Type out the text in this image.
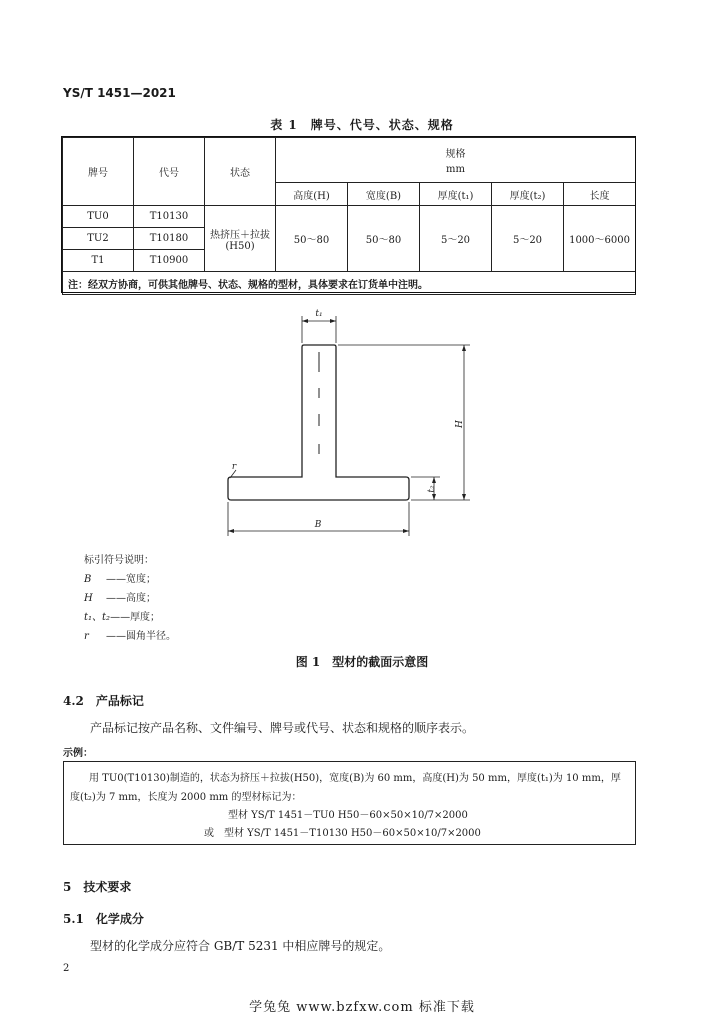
YS/T 1451—2021
表 1　牌号、代号、状态、规格
牌号	代号	状态	规格
mm				

			高度(H)	宽度(B)	厚度(t₁)	厚度(t₂)	长度
TU0	T10130	热挤压＋拉拔(H50)	50～80	50～80	5～20	5～20	1000～6000
TU2	T10180						
T1	T10900						
注：经双方协商，可供其他牌号、状态、规格的型材，具体要求在订货单中注明。							
t₁
H
t₂
B
r
标引符号说明：
B ——宽度；
H ——高度；
t₁、t₂——厚度；
r ——圆角半径。
图 1　型材的截面示意图
4.2　产品标记
产品标记按产品名称、文件编号、牌号或代号、状态和规格的顺序表示。
示例：
用 TU0(T10130)制造的，状态为挤压＋拉拔(H50)，宽度(B)为 60 mm，高度(H)为 50 mm，厚度(t₁)为 10 mm，厚
度(t₂)为 7 mm，长度为 2000 mm 的型材标记为：
型材 YS/T 1451－TU0 H50－60×50×10/7×2000
或　型材 YS/T 1451－T10130 H50－60×50×10/7×2000
5　技术要求
5.1　化学成分
型材的化学成分应符合 GB/T 5231 中相应牌号的规定。
2
学兔兔 www.bzfxw.com 标准下载
